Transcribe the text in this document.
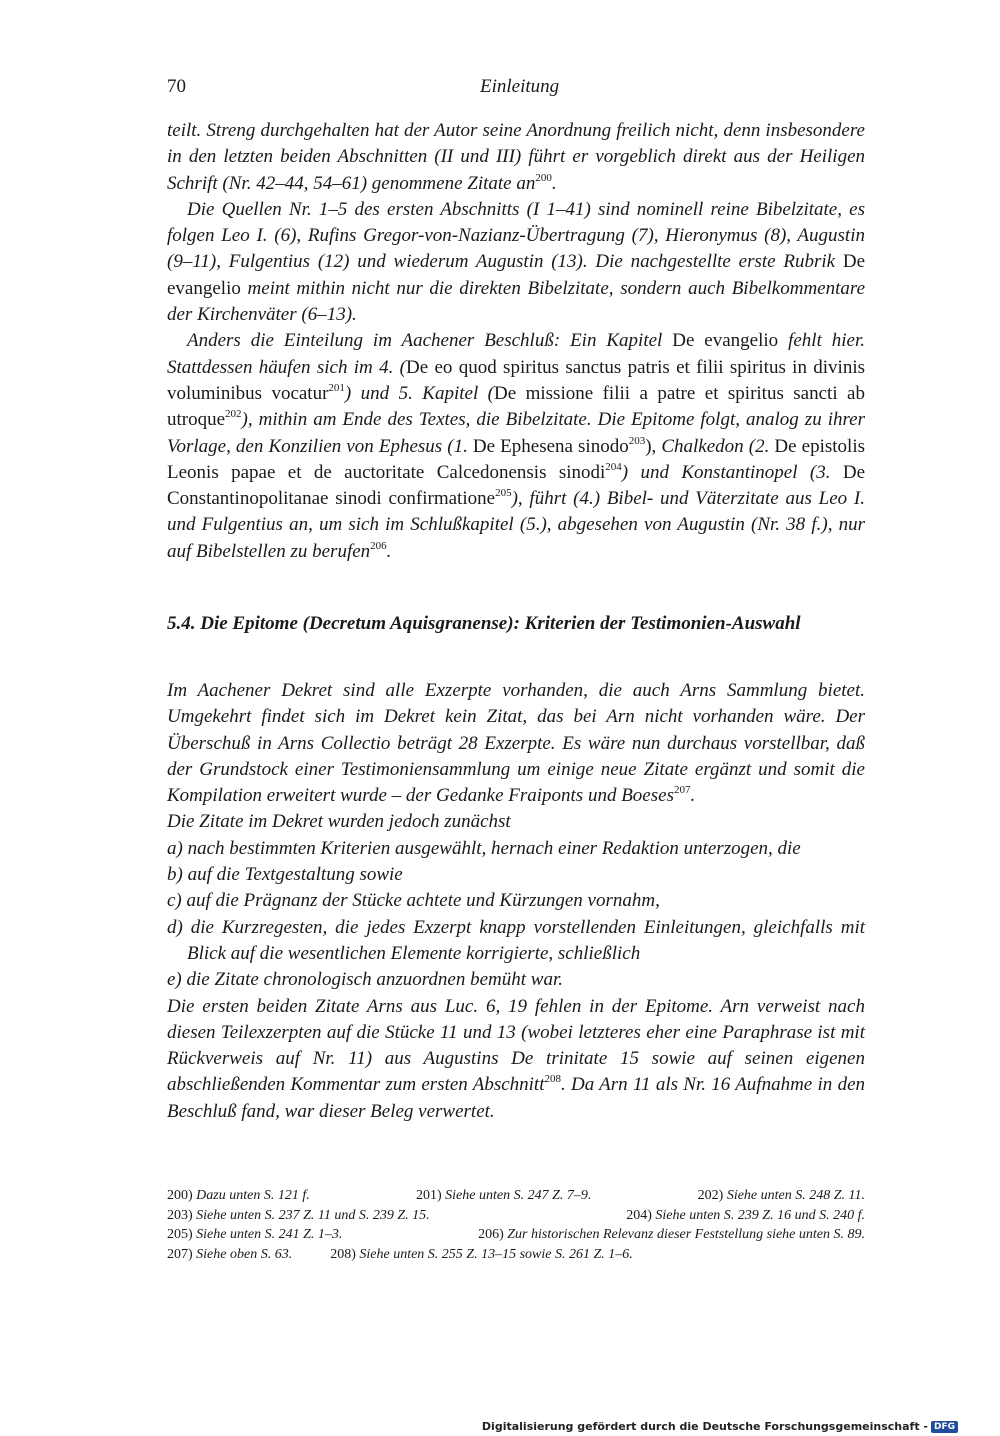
70	Einleitung

teilt. Streng durchgehalten hat der Autor seine Anordnung freilich nicht, denn insbesondere in den letzten beiden Abschnitten (II und III) führt er vorgeblich direkt aus der Heiligen Schrift (Nr. 42–44, 54–61) genommene Zitate $an^{200}$.

Die Quellen Nr. 1–5 des ersten Abschnitts (I 1–41) sind nominell reine Bibelzitate, es folgen Leo I. (6), Rufins Gregor-von-Nazianz-Übertragung (7), Hieronymus (8), Augustin (9–11), Fulgentius (12) und wiederum Augustin (13). Die nachgestellte erste Rubrik De evangelio meint mithin nicht nur die direkten Bibelzitate, sondern auch Bibelkommentare der Kirchenväter (6–13).

Anders die Einteilung im Aachener Beschluß: Ein Kapitel De evangelio fehlt hier. Stattdessen häufen sich im 4. (De eo quod spiritus sanctus patris et filii spiritus in divinis voluminibus vocatur$^{201}$) und 5. Kapitel (De missione filii a patre et spiritus sancti ab utroque$^{202}$), mithin am Ende des Textes, die Bibelzitate. Die Epitome folgt, analog zu ihrer Vorlage, den Konzilien von Ephesus (1. De Ephesena sinodo$^{203}$), Chalkedon (2. De epistolis Leonis papae et de auctoritate Calcedonensis sinodi$^{204}$) und Konstantinopel (3. De Constantinopolitanae sinodi confirmatione$^{205}$), führt (4.) Bibel- und Väterzitate aus Leo I. und Fulgentius an, um sich im Schlußkapitel (5.), abgesehen von Augustin (Nr. 38 f.), nur auf Bibelstellen zu berufen$^{206}$.

5.4. Die Epitome (Decretum Aquisgranense): Kriterien der Testimonien-Auswahl

Im Aachener Dekret sind alle Exzerpte vorhanden, die auch Arns Sammlung bietet. Umgekehrt findet sich im Dekret kein Zitat, das bei Arn nicht vorhanden wäre. Der Überschuß in Arns Collectio beträgt 28 Exzerpte. Es wäre nun durchaus vorstellbar, daß der Grundstock einer Testimoniensammlung um einige neue Zitate ergänzt und somit die Kompilation erweitert wurde – der Gedanke Fraiponts und Boeses$^{207}$.

Die Zitate im Dekret wurden jedoch zunächst

a) nach bestimmten Kriterien ausgewählt, hernach einer Redaktion unterzogen, die
b) auf die Textgestaltung sowie
c) auf die Prägnanz der Stücke achtete und Kürzungen vornahm,
d) die Kurzregesten, die jedes Exzerpt knapp vorstellenden Einleitungen, gleichfalls mit Blick auf die wesentlichen Elemente korrigierte, schließlich
e) die Zitate chronologisch anzuordnen bemüht war.

Die ersten beiden Zitate Arns aus Luc. 6, 19 fehlen in der Epitome. Arn verweist nach diesen Teilexzerpten auf die Stücke 11 und 13 (wobei letzteres eher eine Paraphrase ist mit Rückverweis auf Nr. 11) aus Augustins De trinitate 15 sowie auf seinen eigenen abschließenden Kommentar zum ersten Abschnitt$^{208}$. Da Arn 11 als Nr. 16 Aufnahme in den Beschluß fand, war dieser Beleg verwertet.

200) Dazu unten S. 121 f.	201) Siehe unten S. 247 Z. 7–9.	202) Siehe unten S. 248 Z. 11.
203) Siehe unten S. 237 Z. 11 und S. 239 Z. 15.	204) Siehe unten S. 239 Z. 16 und S. 240 f.
205) Siehe unten S. 241 Z. 1–3.	206) Zur historischen Relevanz dieser Feststellung siehe unten S. 89.
207) Siehe oben S. 63.	208) Siehe unten S. 255 Z. 13–15 sowie S. 261 Z. 1–6.
Digitalisierung gefördert durch die Deutsche Forschungsgemeinschaft - DFG
